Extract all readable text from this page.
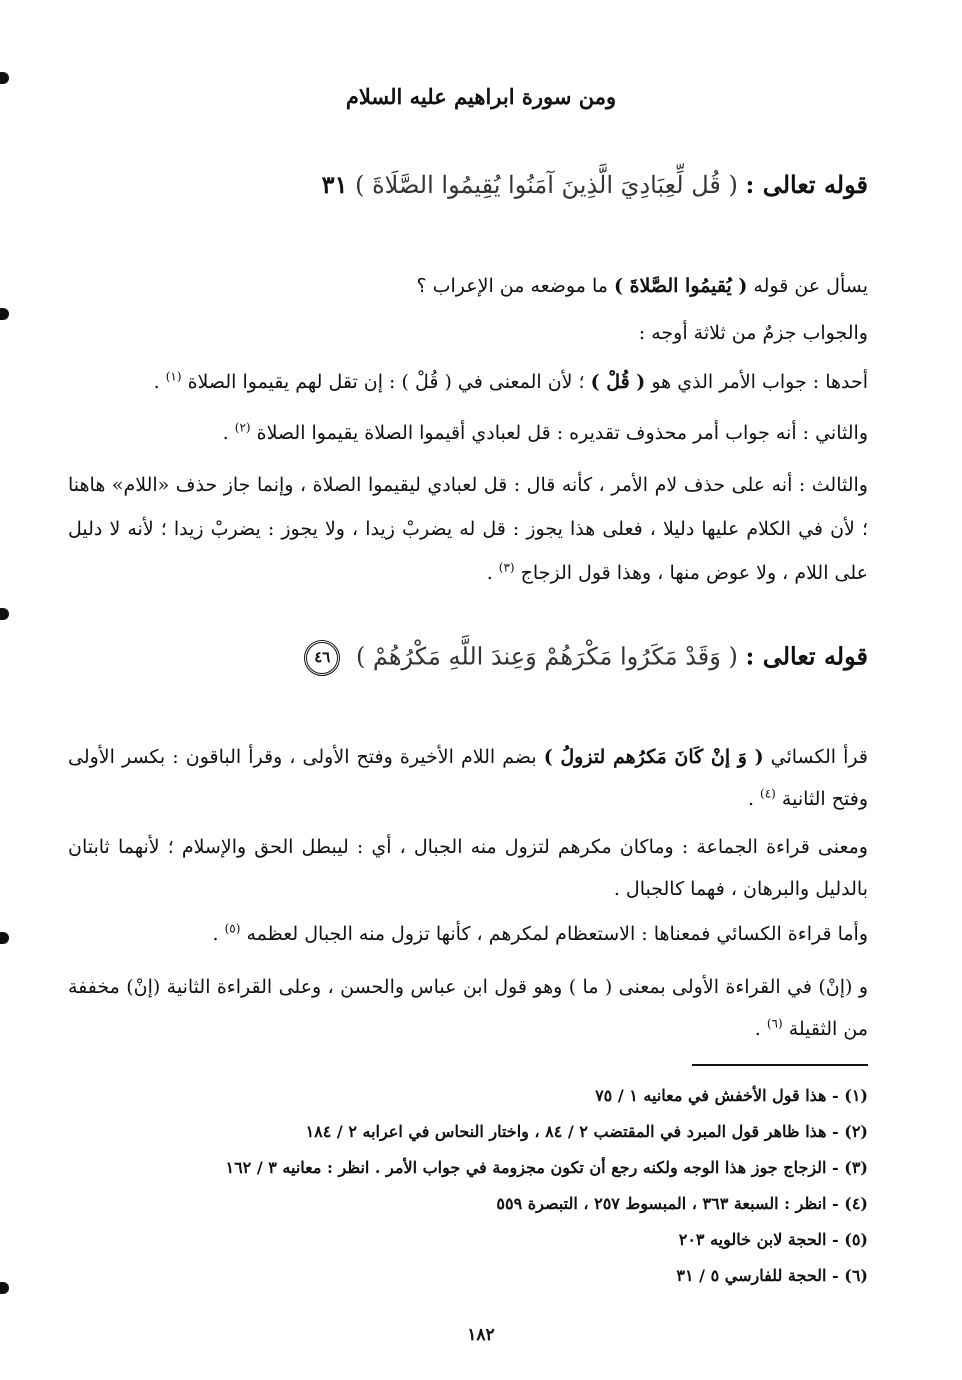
ومن سورة ابراهيم عليه السلام
قوله تعالى : ( قُل لِّعِبَادِيَ الَّذِينَ آمَنُوا يُقِيمُوا الصَّلَاةَ ) ٣١
يسأل عن قوله ( يُقيمُوا الصَّلاةَ ) ما موضعه من الإعراب ؟
والجواب جزمٌ من ثلاثة أوجه :
أحدها : جواب الأمر الذي هو ( قُلْ ) ؛ لأن المعنى في ( قُلْ ) : إن تقل لهم يقيموا الصلاة $^{(١)}$ .
والثاني : أنه جواب أمر محذوف تقديره : قل لعبادي أقيموا الصلاة يقيموا الصلاة $^{(٢)}$ .
والثالث : أنه على حذف لام الأمر ، كأنه قال : قل لعبادي ليقيموا الصلاة ، وإنما جاز حذف «اللام» هاهنا ؛ لأن في الكلام عليها دليلا ، فعلى هذا يجوز : قل له يضربْ زيدا ، ولا يجوز : يضربْ زيدا ؛ لأنه لا دليل على اللام ، ولا عوض منها ، وهذا قول الزجاج $^{(٣)}$ .
قوله تعالى : ( وَقَدْ مَكَرُوا مَكْرَهُمْ وَعِندَ اللَّهِ مَكْرُهُمْ ) ٤٦
قرأ الكسائي ( وَ إنْ كَانَ مَكرُهم لتزولُ ) بضم اللام الأخيرة وفتح الأولى ، وقرأ الباقون : بكسر الأولى وفتح الثانية $^{(٤)}$ .
ومعنى قراءة الجماعة : وماكان مكرهم لتزول منه الجبال ، أي : ليبطل الحق والإسلام ؛ لأنهما ثابتان بالدليل والبرهان ، فهما كالجبال .
وأما قراءة الكسائي فمعناها : الاستعظام لمكرهم ، كأنها تزول منه الجبال لعظمه $^{(٥)}$ .
و (إنْ) في القراءة الأولى بمعنى ( ما ) وهو قول ابن عباس والحسن ، وعلى القراءة الثانية (إنْ) مخففة من الثقيلة $^{(٦)}$ .
(١) - هذا قول الأخفش في معانيه ١ / ٧٥
(٢) - هذا ظاهر قول المبرد في المقتضب ٢ / ٨٤ ، واختار النحاس في اعرابه ٢ / ١٨٤
(٣) - الزجاج جوز هذا الوجه ولكنه رجع أن تكون مجزومة في جواب الأمر . انظر : معانيه ٣ / ١٦٢
(٤) - انظر : السبعة ٣٦٣ ، المبسوط ٢٥٧ ، التبصرة ٥٥٩
(٥) - الحجة لابن خالويه ٢٠٣
(٦) - الحجة للفارسي ٥ / ٣١
١٨٢
